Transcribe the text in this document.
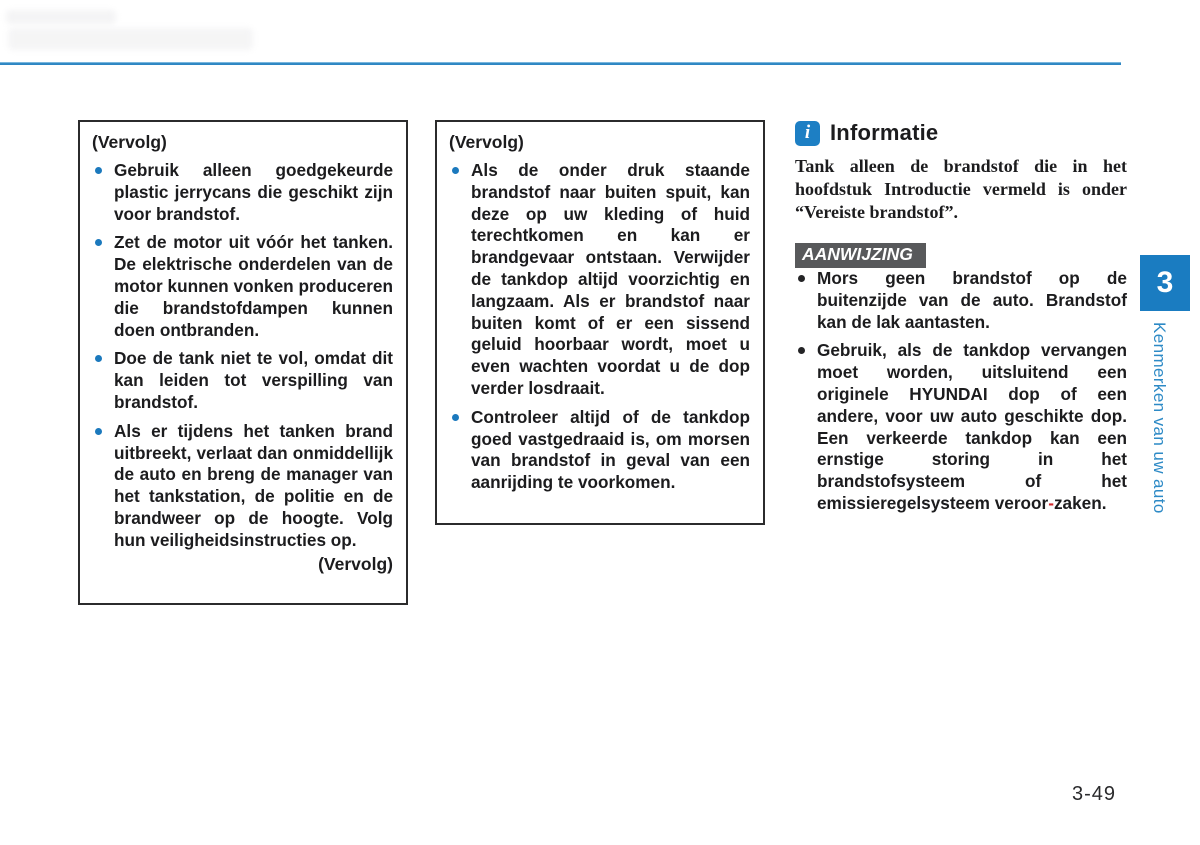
(Vervolg)
Gebruik alleen goedgekeurde plastic jerrycans die geschikt zijn voor brandstof.
Zet de motor uit vóór het tanken. De elektrische onderdelen van de motor kunnen vonken produceren die brandstofdampen kunnen doen ontbranden.
Doe de tank niet te vol, omdat dit kan leiden tot verspilling van brandstof.
Als er tijdens het tanken brand uitbreekt, verlaat dan onmiddellijk de auto en breng de manager van het tankstation, de politie en de brandweer op de hoogte. Volg hun veiligheidsinstructies op.
(Vervolg)
(Vervolg)
Als de onder druk staande brandstof naar buiten spuit, kan deze op uw kleding of huid terechtkomen en kan er brandgevaar ontstaan. Verwijder de tankdop altijd voorzichtig en langzaam. Als er brandstof naar buiten komt of er een sissend geluid hoorbaar wordt, moet u even wachten voordat u de dop verder losdraait.
Controleer altijd of de tankdop goed vastgedraaid is, om morsen van brandstof in geval van een aanrijding te voorkomen.
i Informatie
Tank alleen de brandstof die in het hoofdstuk Introductie vermeld is onder “Vereiste brandstof”.
AANWIJZING
Mors geen brandstof op de buitenzijde van de auto. Brandstof kan de lak aantasten.
Gebruik, als de tankdop vervangen moet worden, uitsluitend een originele HYUNDAI dop of een andere, voor uw auto geschikte dop. Een verkeerde tankdop kan een ernstige storing in het brandstofsysteem of het emissieregelsysteem veroor-zaken.
3
Kenmerken van uw auto
3-49
